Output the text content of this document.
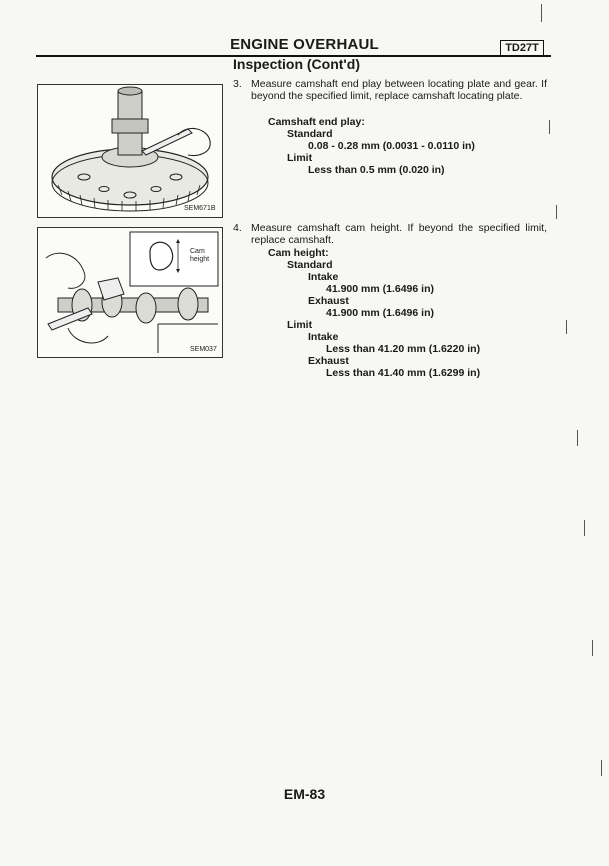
ENGINE OVERHAUL	TD27T
Inspection (Cont'd)
SEM671B
Cam
height
SEM037
3. Measure camshaft end play between locating plate and gear. If beyond the specified limit, replace camshaft locating plate.
Camshaft end play:
Standard
0.08 - 0.28 mm (0.0031 - 0.0110 in)
Limit
Less than 0.5 mm (0.020 in)
4. Measure camshaft cam height. If beyond the specified limit, replace camshaft.
Cam height:
Standard
Intake
41.900 mm (1.6496 in)
Exhaust
41.900 mm (1.6496 in)
Limit
Intake
Less than 41.20 mm (1.6220 in)
Exhaust
Less than 41.40 mm (1.6299 in)
EM-83
